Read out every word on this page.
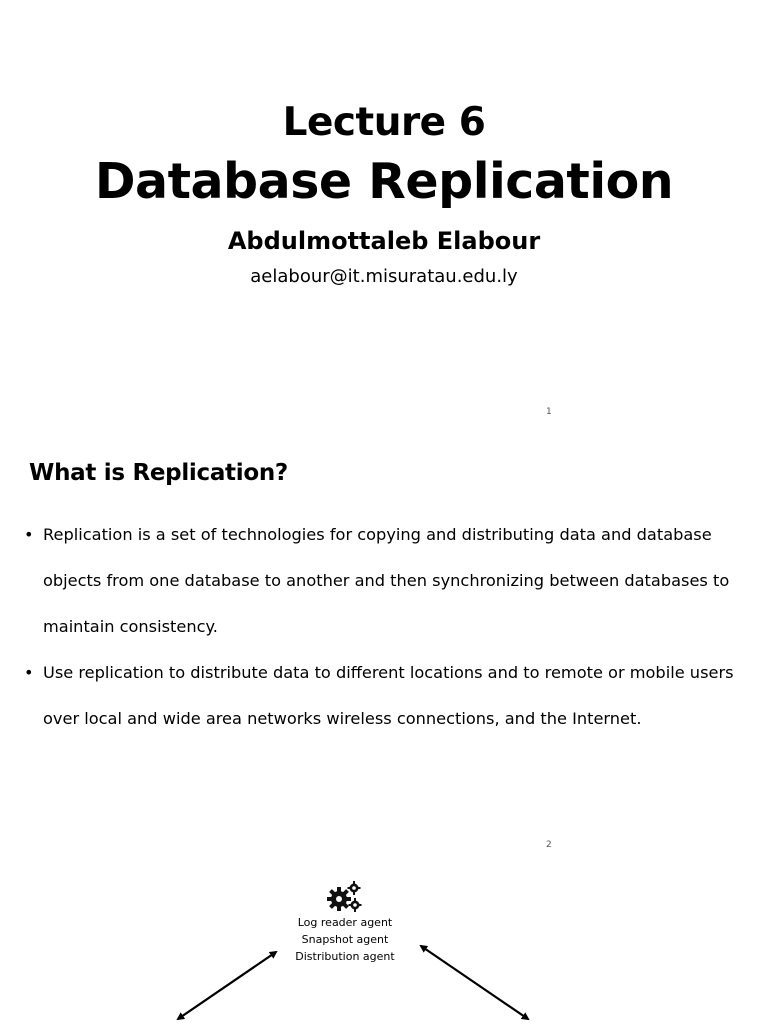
Lecture 6
Database Replication
Abdulmottaleb Elabour
aelabour@it.misuratau.edu.ly
1
What is Replication?
• Replication is a set of technologies for copying and distributing data and database objects from one database to another and then synchronizing between databases to maintain consistency.
• Use replication to distribute data to different locations and to remote or mobile users over local and wide area networks wireless connections, and the Internet.
2
Log reader agent
Snapshot agent
Distribution agent
